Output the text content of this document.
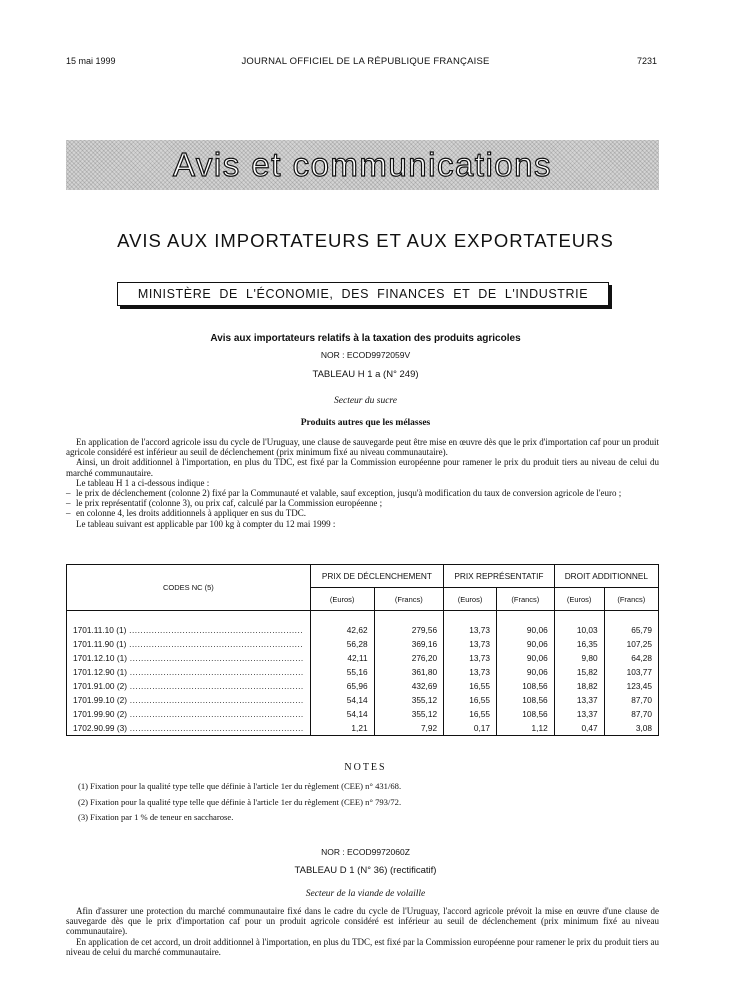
15 mai 1999	JOURNAL OFFICIEL DE LA RÉPUBLIQUE FRANÇAISE	7231
Avis et communications
AVIS AUX IMPORTATEURS ET AUX EXPORTATEURS
MINISTÈRE DE L'ÉCONOMIE, DES FINANCES ET DE L'INDUSTRIE
Avis aux importateurs relatifs à la taxation des produits agricoles
NOR : ECOD9972059V
TABLEAU H 1 a (N° 249)
Secteur du sucre
Produits autres que les mélasses

En application de l'accord agricole issu du cycle de l'Uruguay, une clause de sauvegarde peut être mise en œuvre dès que le prix d'importation caf pour un produit agricole considéré est inférieur au seuil de déclenchement (prix minimum fixé au niveau communautaire).

Ainsi, un droit additionnel à l'importation, en plus du TDC, est fixé par la Commission européenne pour ramener le prix du produit tiers au niveau de celui du marché communautaire.

Le tableau H 1 a ci-dessous indique :

– le prix de déclenchement (colonne 2) fixé par la Communauté et valable, sauf exception, jusqu'à modification du taux de conversion agricole de l'euro ;

– le prix représentatif (colonne 3), ou prix caf, calculé par la Commission européenne ;

– en colonne 4, les droits additionnels à appliquer en sus du TDC.

Le tableau suivant est applicable par 100 kg à compter du 12 mai 1999 :

CODES NC (5)	PRIX DE DÉCLENCHEMENT		PRIX REPRÉSENTATIF		DROIT ADDITIONNEL	
	(Euros)	(Francs)	(Euros)	(Francs)	(Euros)	(Francs)

1701.11.10 (1) .....	42,62	279,56	13,73	90,06	10,03	65,79
1701.11.90 (1) .....	56,28	369,16	13,73	90,06	16,35	107,25
1701.12.10 (1) .....	42,11	276,20	13,73	90,06	9,80	64,28
1701.12.90 (1) .....	55,16	361,80	13,73	90,06	15,82	103,77
1701.91.00 (2) .....	65,96	432,69	16,55	108,56	18,82	123,45
1701.99.10 (2) .....	54,14	355,12	16,55	108,56	13,37	87,70
1701.99.90 (2) .....	54,14	355,12	16,55	108,56	13,37	87,70
1702.90.99 (3) .....	1,21	7,92	0,17	1,12	0,47	3,08
NOTES

(1) Fixation pour la qualité type telle que définie à l'article 1er du règlement (CEE) n° 431/68.

(2) Fixation pour la qualité type telle que définie à l'article 1er du règlement (CEE) n° 793/72.

(3) Fixation par 1 % de teneur en saccharose.

NOR : ECOD9972060Z
TABLEAU D 1 (N° 36) (rectificatif)
Secteur de la viande de volaille

Afin d'assurer une protection du marché communautaire fixé dans le cadre du cycle de l'Uruguay, l'accord agricole prévoit la mise en œuvre d'une clause de sauvegarde dès que le prix d'importation caf pour un produit agricole considéré est inférieur au seuil de déclenchement (prix minimum fixé au niveau communautaire).

En application de cet accord, un droit additionnel à l'importation, en plus du TDC, est fixé par la Commission européenne pour ramener le prix du produit tiers au niveau de celui du marché communautaire.
